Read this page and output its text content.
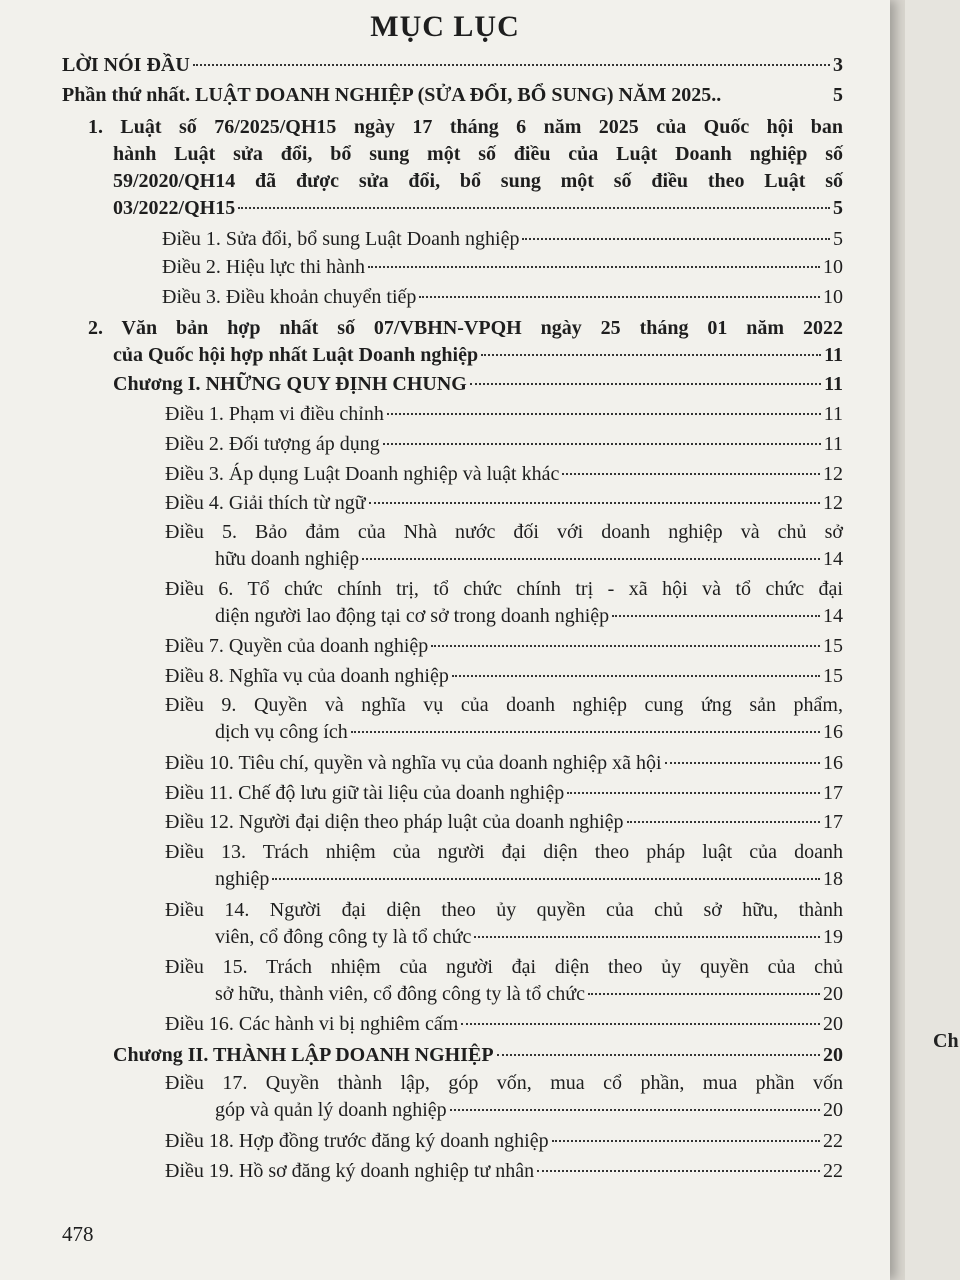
MỤC LỤC
LỜI NÓI ĐẦU	3
Phần thứ nhất. LUẬT DOANH NGHIỆP (SỬA ĐỔI, BỔ SUNG) NĂM 2025..	5
1. Luật số 76/2025/QH15 ngày 17 tháng 6 năm 2025 của Quốc hội ban
hành Luật sửa đổi, bổ sung một số điều của Luật Doanh nghiệp số
59/2020/QH14 đã được sửa đổi, bổ sung một số điều theo Luật số
03/2022/QH15	5
Điều 1. Sửa đổi, bổ sung Luật Doanh nghiệp	5
Điều 2. Hiệu lực thi hành	10
Điều 3. Điều khoản chuyển tiếp	10
2. Văn bản hợp nhất số 07/VBHN-VPQH ngày 25 tháng 01 năm 2022
của Quốc hội hợp nhất Luật Doanh nghiệp	11
Chương I. NHỮNG QUY ĐỊNH CHUNG	11
Điều 1. Phạm vi điều chỉnh	11
Điều 2. Đối tượng áp dụng	11
Điều 3. Áp dụng Luật Doanh nghiệp và luật khác	12
Điều 4. Giải thích từ ngữ	12
Điều 5. Bảo đảm của Nhà nước đối với doanh nghiệp và chủ sở
hữu doanh nghiệp	14
Điều 6. Tổ chức chính trị, tổ chức chính trị - xã hội và tổ chức đại
diện người lao động tại cơ sở trong doanh nghiệp	14
Điều 7. Quyền của doanh nghiệp	15
Điều 8. Nghĩa vụ của doanh nghiệp	15
Điều 9. Quyền và nghĩa vụ của doanh nghiệp cung ứng sản phẩm,
dịch vụ công ích	16
Điều 10. Tiêu chí, quyền và nghĩa vụ của doanh nghiệp xã hội	16
Điều 11. Chế độ lưu giữ tài liệu của doanh nghiệp	17
Điều 12. Người đại diện theo pháp luật của doanh nghiệp	17
Điều 13. Trách nhiệm của người đại diện theo pháp luật của doanh
nghiệp	18
Điều 14. Người đại diện theo ủy quyền của chủ sở hữu, thành
viên, cổ đông công ty là tổ chức	19
Điều 15. Trách nhiệm của người đại diện theo ủy quyền của chủ
sở hữu, thành viên, cổ đông công ty là tổ chức	20
Điều 16. Các hành vi bị nghiêm cấm	20
Chương II. THÀNH LẬP DOANH NGHIỆP	20
Điều 17. Quyền thành lập, góp vốn, mua cổ phần, mua phần vốn
góp và quản lý doanh nghiệp	20
Điều 18. Hợp đồng trước đăng ký doanh nghiệp	22
Điều 19. Hồ sơ đăng ký doanh nghiệp tư nhân	22
478
Ch
